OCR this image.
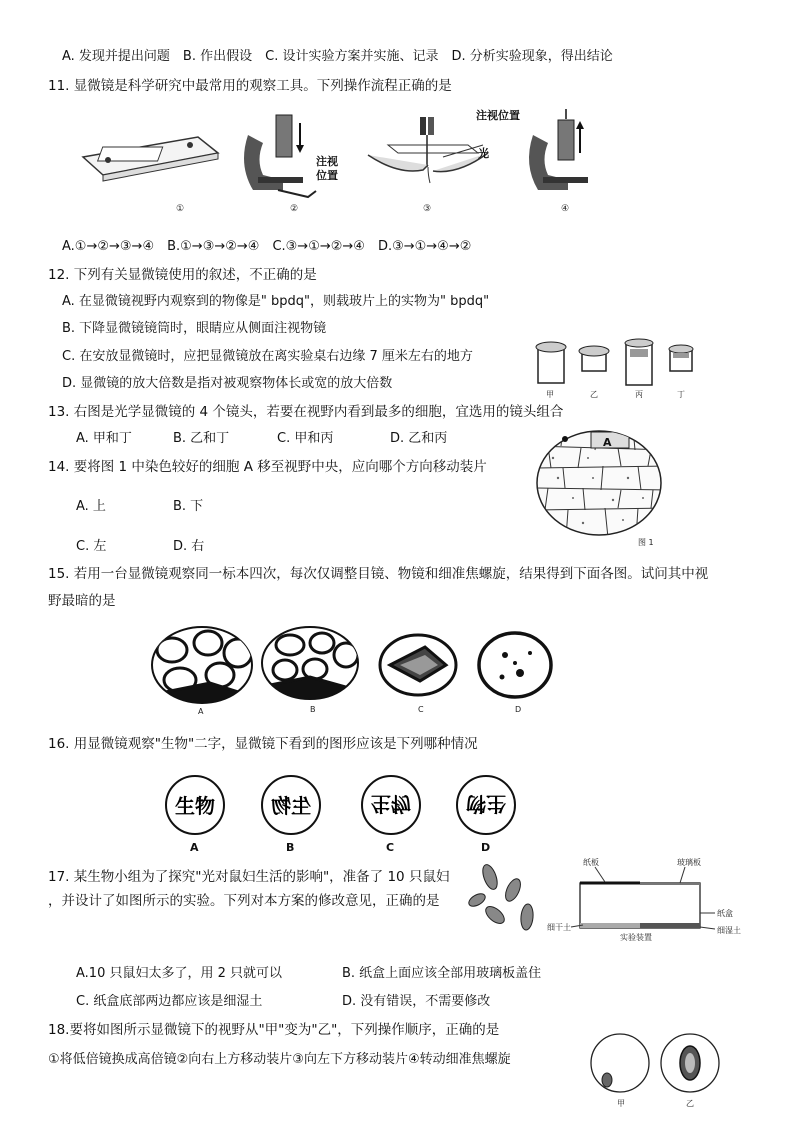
A. 发现并提出问题　B. 作出假设　C. 设计实验方案并实施、记录　D. 分析实验现象，得出结论
11. 显微镜是科学研究中最常用的观察工具。下列操作流程正确的是
注视
位置
光
注视位置
①	②	③	④
A.①→②→③→④　B.①→③→②→④　C.③→①→②→④　D.③→①→④→②
12. 下列有关显微镜使用的叙述，不正确的是
A. 在显微镜视野内观察到的物像是" bpdq"，则载玻片上的实物为" bpdq"
B. 下降显微镜镜筒时，眼睛应从侧面注视物镜
C. 在安放显微镜时，应把显微镜放在离实验桌右边缘 7 厘米左右的地方
D. 显微镜的放大倍数是指对被观察物体长或宽的放大倍数
甲	乙	丙	丁
13. 右图是光学显微镜的 4 个镜头，若要在视野内看到最多的细胞，宜选用的镜头组合
A. 甲和丁	B. 乙和丁	C. 甲和丙	D. 乙和丙
14. 要将图 1 中染色较好的细胞 A 移至视野中央，应向哪个方向移动装片
A. 上	B. 下
C. 左	D. 右
A
图 1
15. 若用一台显微镜观察同一标本四次，每次仅调整目镜、物镜和细准焦螺旋，结果得到下面各图。试问其中视
野最暗的是
A	B	C	D
16. 用显微镜观察"生物"二字，显微镜下看到的图形应该是下列哪种情况
生物	生物	生物	生物
A	B	C	D
17. 某生物小组为了探究"光对鼠妇生活的影响"，准备了 10 只鼠妇
，并设计了如图所示的实验。下列对本方案的修改意见，正确的是
纸板	玻璃板
纸盒
细干土
实验装置
细湿土
A.10 只鼠妇太多了，用 2 只就可以	B. 纸盒上面应该全部用玻璃板盖住
C. 纸盒底部两边都应该是细湿土	D. 没有错误，不需要修改
18.要将如图所示显微镜下的视野从"甲"变为"乙"，下列操作顺序，正确的是
①将低倍镜换成高倍镜②向右上方移动装片③向左下方移动装片④转动细准焦螺旋
甲	乙
